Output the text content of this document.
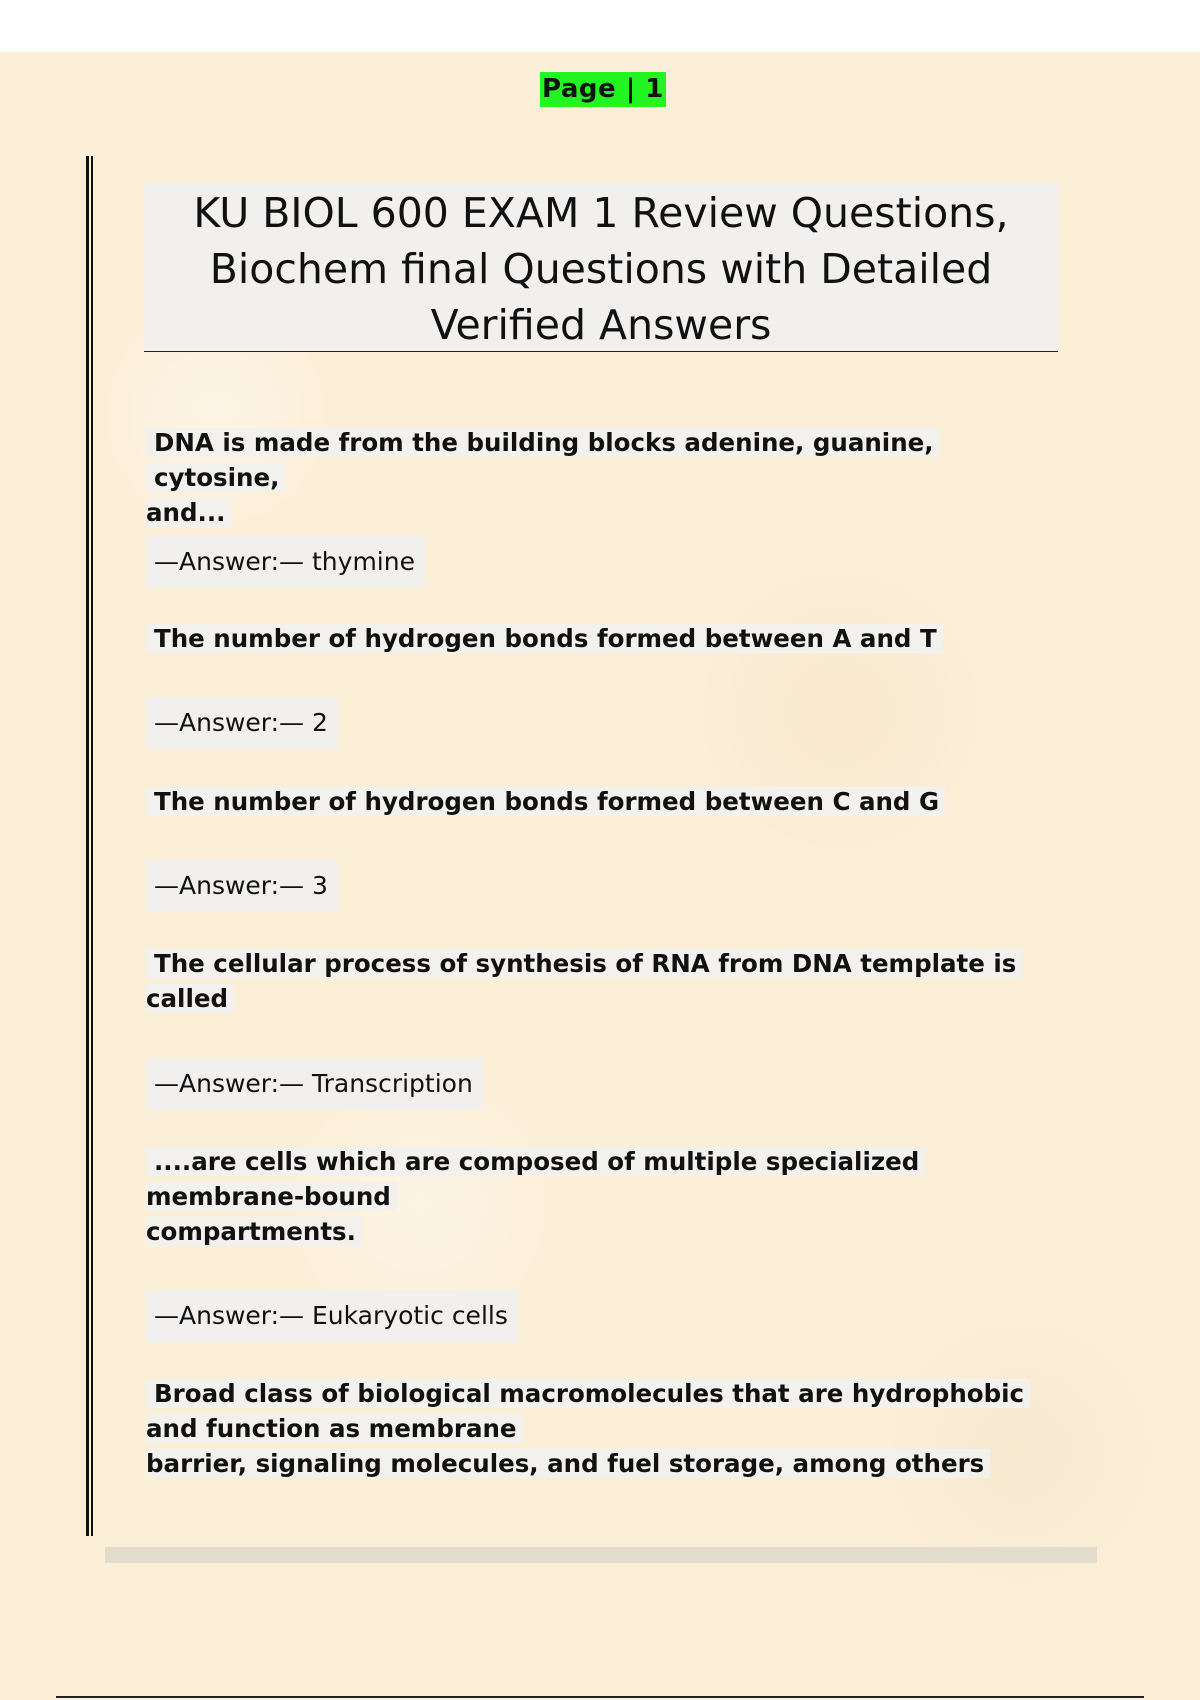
Page | 1
KU BIOL 600 EXAM 1 Review Questions, Biochem final Questions with Detailed Verified Answers
DNA is made from the building blocks adenine, guanine, cytosine,
and...
—Answer:— thymine
The number of hydrogen bonds formed between A and T
—Answer:— 2
The number of hydrogen bonds formed between C and G
—Answer:— 3
The cellular process of synthesis of RNA from DNA template is
called
—Answer:— Transcription
....are cells which are composed of multiple specialized
membrane-bound
compartments.
—Answer:— Eukaryotic cells
Broad class of biological macromolecules that are hydrophobic
and function as membrane
barrier, signaling molecules, and fuel storage, among others
